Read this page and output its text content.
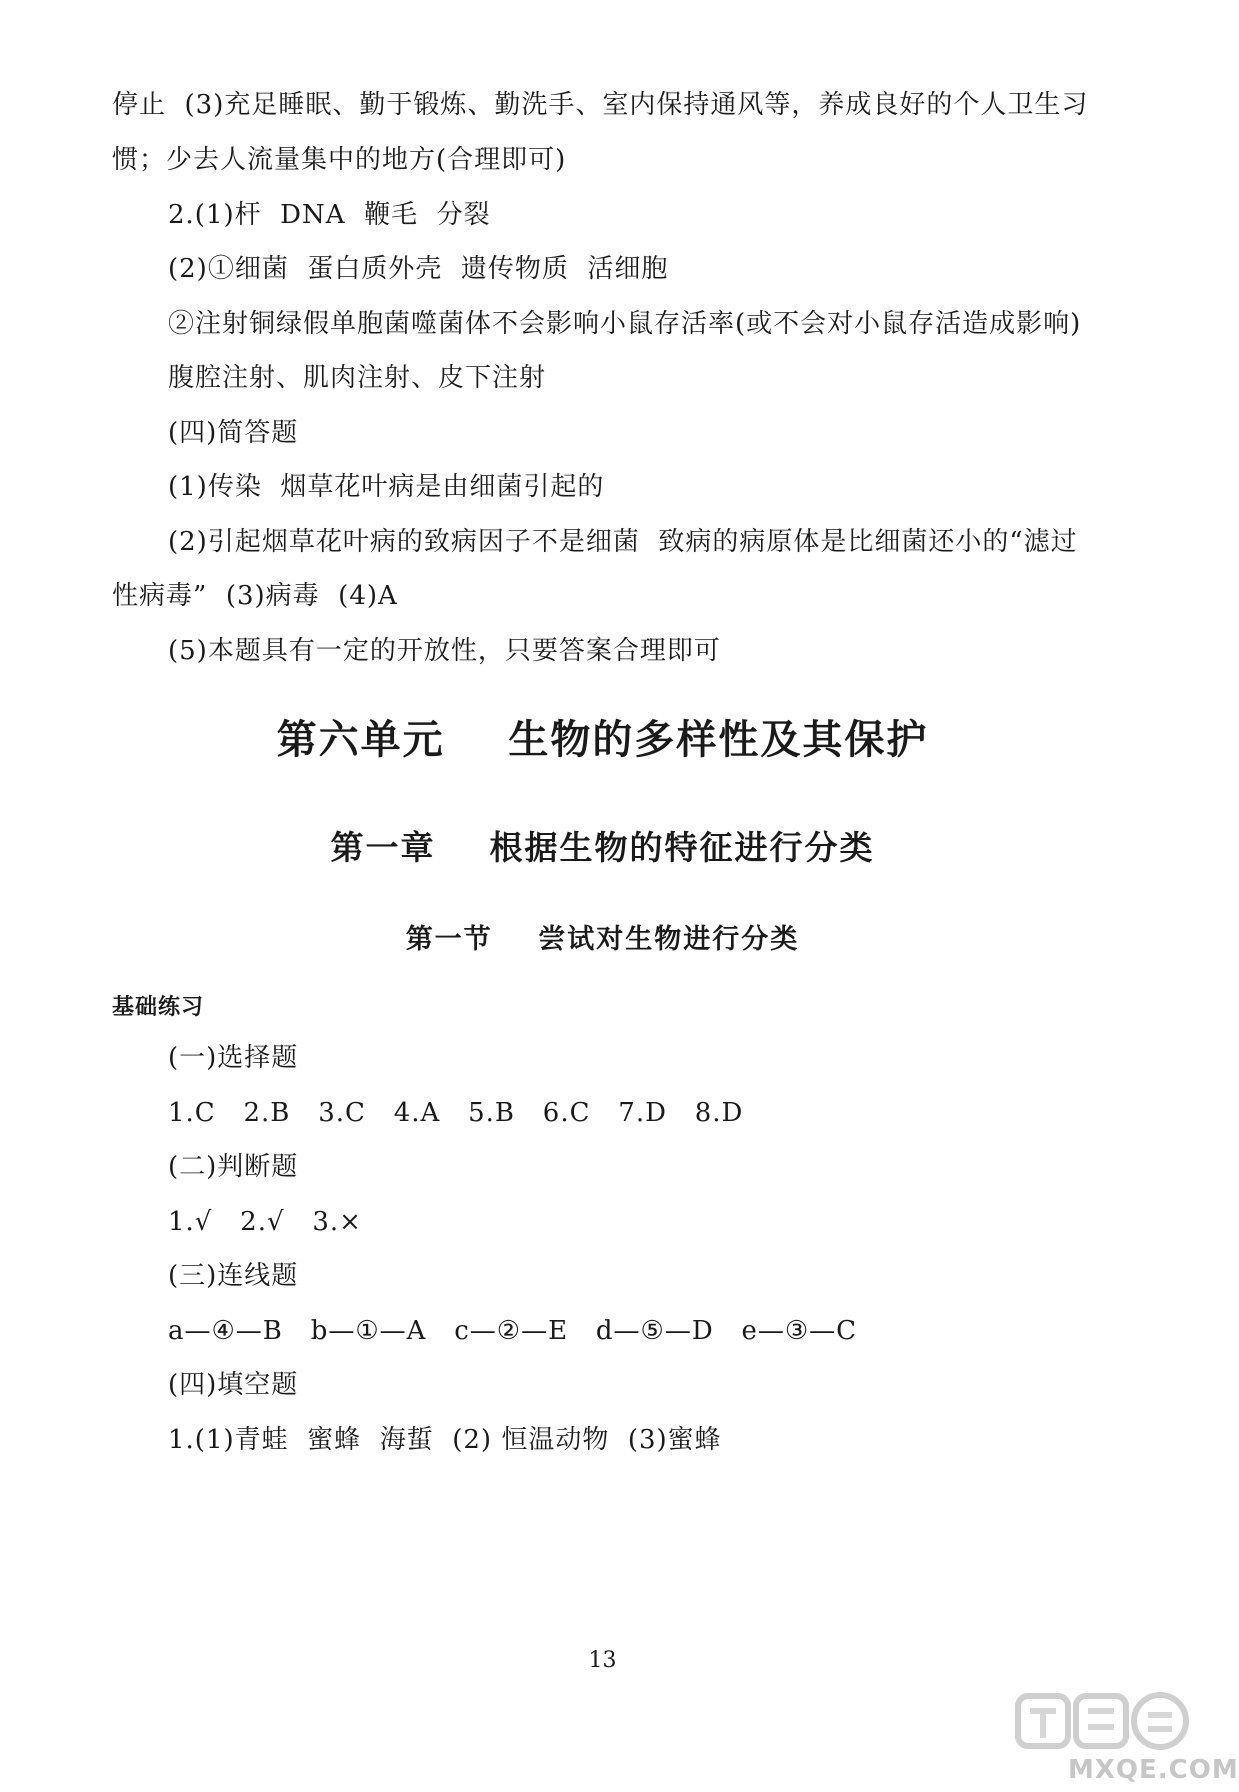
停止  (3)充足睡眠、勤于锻炼、勤洗手、室内保持通风等，养成良好的个人卫生习
惯；少去人流量集中的地方(合理即可)
2.(1)杆  DNA  鞭毛  分裂
(2)①细菌  蛋白质外壳  遗传物质  活细胞
②注射铜绿假单胞菌噬菌体不会影响小鼠存活率(或不会对小鼠存活造成影响)
腹腔注射、肌肉注射、皮下注射
(四)简答题
(1)传染  烟草花叶病是由细菌引起的
(2)引起烟草花叶病的致病因子不是细菌  致病的病原体是比细菌还小的“滤过
性病毒”  (3)病毒  (4)A
(5)本题具有一定的开放性，只要答案合理即可
第六单元    生物的多样性及其保护
第一章    根据生物的特征进行分类
第一节    尝试对生物进行分类
基础练习
(一)选择题
1.C   2.B   3.C   4.A   5.B   6.C   7.D   8.D
(二)判断题
1.√   2.√   3.×
(三)连线题
a—④—B   b—①—A   c—②—E   d—⑤—D   e—③—C
(四)填空题
1.(1)青蛙  蜜蜂  海蜇  (2) 恒温动物  (3)蜜蜂
13
MXQE.COM
